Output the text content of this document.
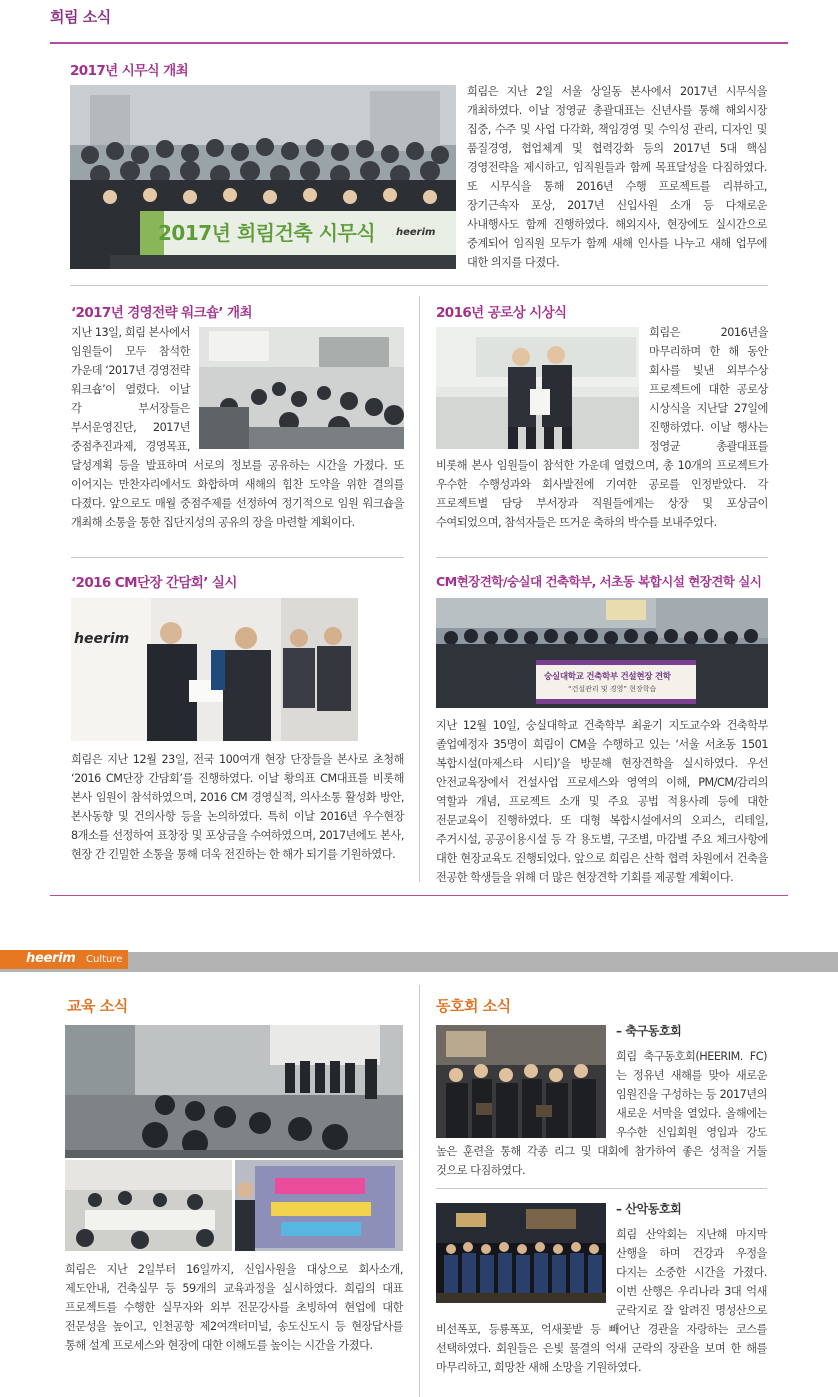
희림 소식
2017년 시무식 개최
2017년 희림건축 시무식 heerim
희림은 지난 2일 서울 상일동 본사에서 2017년 시무식을 개최하였다. 이날 정영균 총괄대표는 신년사를 통해 해외시장 집중, 수주 및 사업 다각화, 책임경영 및 수익성 관리, 디자인 및 품질경영, 협업체계 및 협력강화 등의 2017년 5대 핵심 경영전략을 제시하고, 임직원들과 함께 목표달성을 다짐하였다. 또 시무식을 통해 2016년 수행 프로젝트를 리뷰하고, 장기근속자 포상, 2017년 신입사원 소개 등 다채로운 사내행사도 함께 진행하였다. 해외지사, 현장에도 실시간으로 중계되어 임직원 모두가 함께 새해 인사를 나누고 새해 업무에 대한 의지를 다졌다.
‘2017년 경영전략 워크숍’ 개최
지난 13일, 희림 본사에서 임원들이 모두 참석한 가운데 ‘2017년 경영전략 워크숍’이 열렸다. 이날 각 부서장들은 부서운영진단, 2017년 중점추진과제, 경영목표, 달성계획 등을 발표하며 서로의 정보를 공유하는 시간을 가졌다. 또 이어지는 만찬자리에서도 화합하며 새해의 힘찬 도약을 위한 결의를 다졌다. 앞으로도 매월 중점주제를 선정하여 정기적으로 임원 워크숍을 개최해 소통을 통한 집단지성의 공유의 장을 마련할 계획이다.
2016년 공로상 시상식
희림은 2016년을 마무리하며 한 해 동안 회사를 빛낸 외부수상 프로젝트에 대한 공로상 시상식을 지난달 27일에 진행하였다. 이날 행사는 정영균 총괄대표를 비롯해 본사 임원들이 참석한 가운데 열렸으며, 총 10개의 프로젝트가 우수한 수행성과와 회사발전에 기여한 공로를 인정받았다. 각 프로젝트별 담당 부서장과 직원들에게는 상장 및 포상금이 수여되었으며, 참석자들은 뜨거운 축하의 박수를 보내주었다.
‘2016 CM단장 간담회’ 실시
heerim
희림은 지난 12월 23일, 전국 100여개 현장 단장들을 본사로 초청해 ‘2016 CM단장 간담회’를 진행하였다. 이날 황의표 CM대표를 비롯해 본사 임원이 참석하였으며, 2016 CM 경영실적, 의사소통 활성화 방안, 본사동향 및 건의사항 등을 논의하였다. 특히 이날 2016년 우수현장 8개소를 선정하여 표창장 및 포상금을 수여하였으며, 2017년에도 본사, 현장 간 긴밀한 소통을 통해 더욱 전진하는 한 해가 되기를 기원하였다.
CM현장견학/숭실대 건축학부, 서초동 복합시설 현장견학 실시
숭실대학교 건축학부 건설현장 견학
“건설관리 및 경영” 현장학습
지난 12월 10일, 숭실대학교 건축학부 최윤기 지도교수와 건축학부 졸업예정자 35명이 희림이 CM을 수행하고 있는 ‘서울 서초동 1501 복합시설(마제스타 시티)’을 방문해 현장견학을 실시하였다. 우선 안전교육장에서 건설사업 프로세스와 영역의 이해, PM/CM/감리의 역할과 개념, 프로젝트 소개 및 주요 공법 적용사례 등에 대한 전문교육이 진행하였다. 또 대형 복합시설에서의 오피스, 리테일, 주거시설, 공공이용시설 등 각 용도별, 구조별, 마감별 주요 체크사항에 대한 현장교육도 진행되었다. 앞으로 희림은 산학 협력 차원에서 건축을 전공한 학생들을 위해 더 많은 현장견학 기회를 제공할 계획이다.
heerim Culture
교육 소식
희림은 지난 2일부터 16일까지, 신입사원을 대상으로 회사소개, 제도안내, 건축실무 등 59개의 교육과정을 실시하였다. 희림의 대표 프로젝트를 수행한 실무자와 외부 전문강사를 초빙하여 현업에 대한 전문성을 높이고, 인천공항 제2여객터미널, 송도신도시 등 현장답사를 통해 설계 프로세스와 현장에 대한 이해도를 높이는 시간을 가졌다.
동호회 소식
– 축구동호회
희림 축구동호회(HEERIM. FC)는 정유년 새해를 맞아 새로운 임원진을 구성하는 등 2017년의 새로운 서막을 열었다. 올해에는 우수한 신입회원 영입과 강도 높은 훈련을 통해 각종 리그 및 대회에 참가하여 좋은 성적을 거둘 것으로 다짐하였다.
– 산악동호회
희림 산악회는 지난해 마지막 산행을 하며 건강과 우정을 다지는 소중한 시간을 가졌다. 이번 산행은 우리나라 3대 억새 군락지로 잘 알려진 명성산으로 비선폭포, 등룡폭포, 억새꽃밭 등 빼어난 경관을 자랑하는 코스를 선택하였다. 회원들은 은빛 물결의 억새 군락의 장관을 보며 한 해를 마무리하고, 희망찬 새해 소망을 기원하였다.
